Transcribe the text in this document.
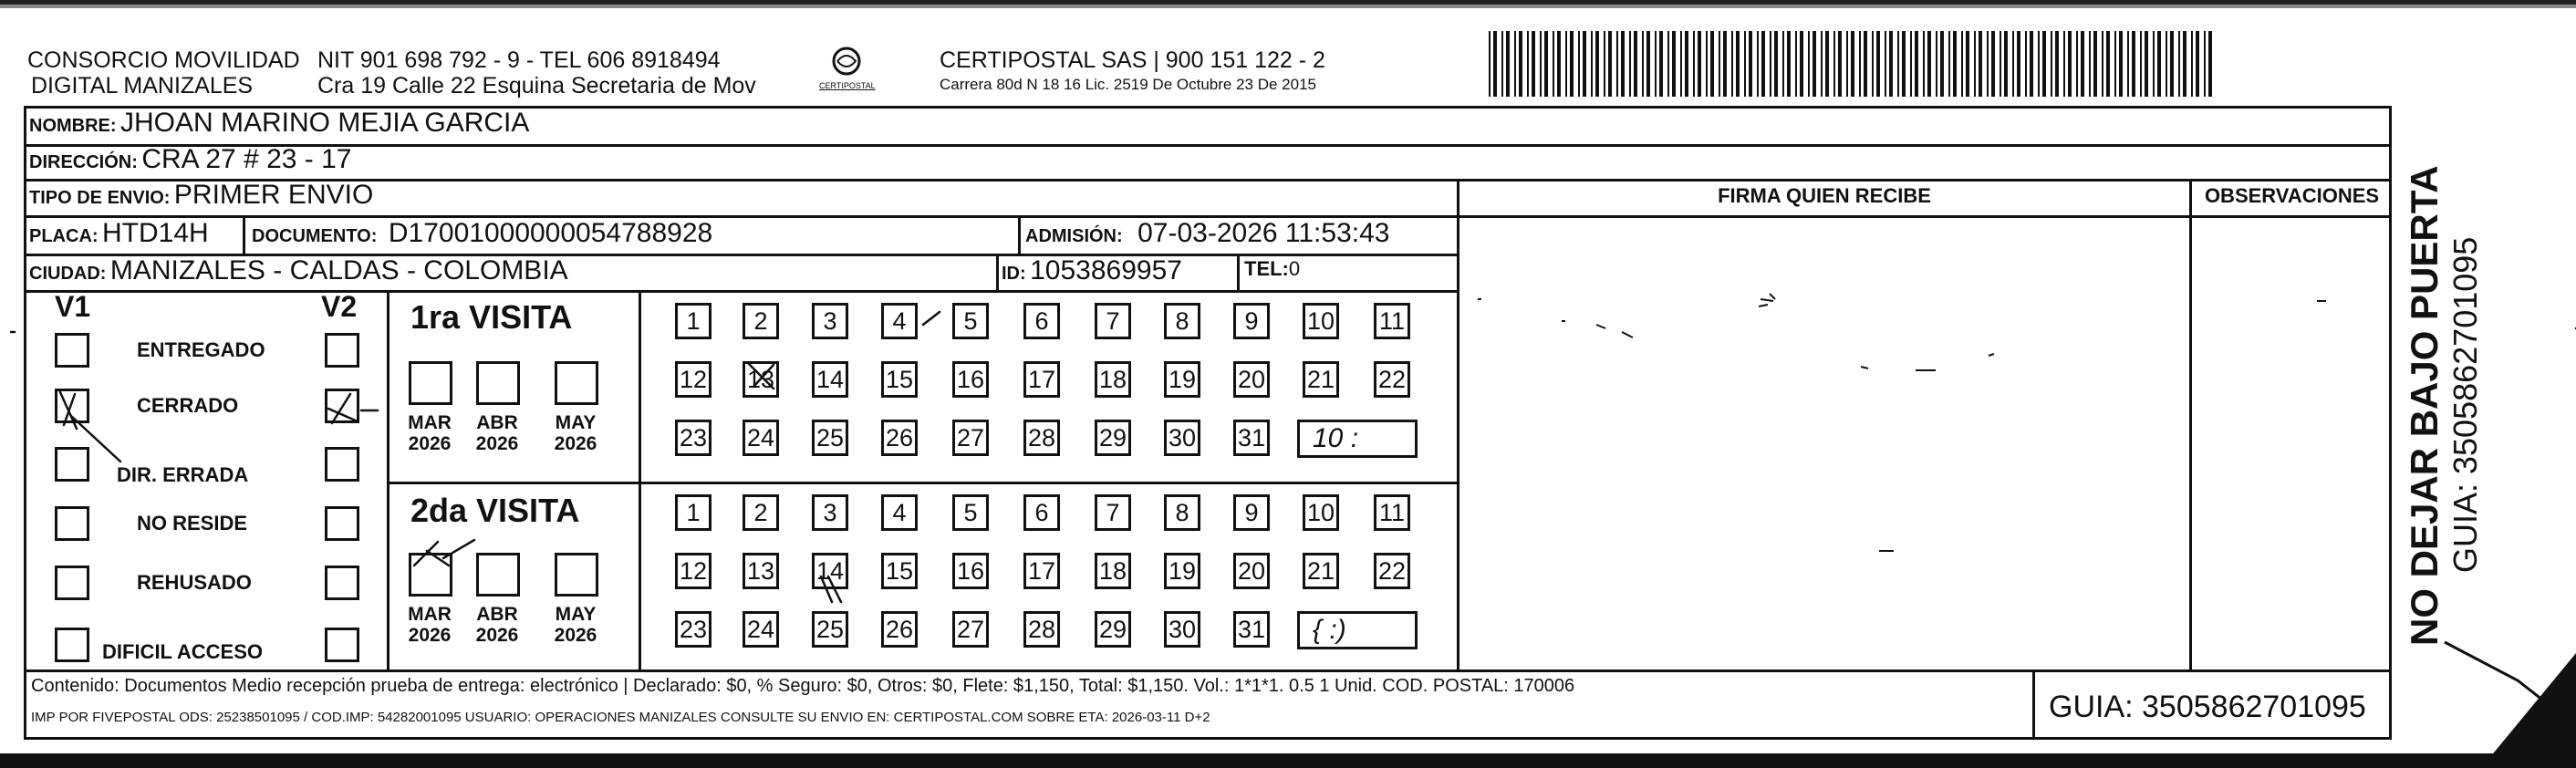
CONSORCIO MOVILIDAD
DIGITAL MANIZALES
NIT 901 698 792 - 9 - TEL 606 8918494
Cra 19 Calle 22 Esquina Secretaria de Mov	CERTIPOSTAL
CERTIPOSTAL SAS | 900 151 122 - 2
Carrera 80d N 18 16 Lic. 2519 De Octubre 23 De 2015
NOMBRE: JHOAN MARINO MEJIA GARCIA
DIRECCIÓN: CRA 27 # 23 - 17
TIPO DE ENVIO: PRIMER ENVIO
PLACA: HTD14H DOCUMENTO: D17001000000054788928	ADMISIÓN: 07-03-2026 11:53:43
CIUDAD: MANIZALES - CALDAS - COLOMBIA	ID: 1053869957	TEL:0
FIRMA QUIEN RECIBE	OBSERVACIONES
V1	V2
ENTREGADO
CERRADO
DIR. ERRADA
NO RESIDE
REHUSADO
DIFICIL ACCESO
1ra VISITA
2da VISITA
MAR
2026
ABR
2026
MAY
2026
1	2	3	4	5	6	7	8	9	10 11
12 13 14 15 16 17 18 19 20 21 22
23 24 25 26 27 28 29 30 31	10 :
MAR
2026
ABR
2026
MAY
2026
1	2	3	4	5	6	7	8	9	10 11
12 13 14 15 16 17 18 19 20 21 22
23 24 25 26 27 28 29 30 31	{ :)
Contenido: Documentos Medio recepción prueba de entrega: electrónico | Declarado: $0, % Seguro: $0, Otros: $0, Flete: $1,150, Total: $1,150. Vol.: 1*1*1. 0.5 1 Unid. COD. POSTAL: 170006
IMP POR FIVEPOSTAL ODS: 25238501095 / COD.IMP: 54282001095 USUARIO: OPERACIONES MANIZALES CONSULTE SU ENVIO EN: CERTIPOSTAL.COM SOBRE ETA: 2026-03-11 D+2	GUIA: 3505862701095
NO DEJAR BAJO PUERTA GUIA: 3505862701095
